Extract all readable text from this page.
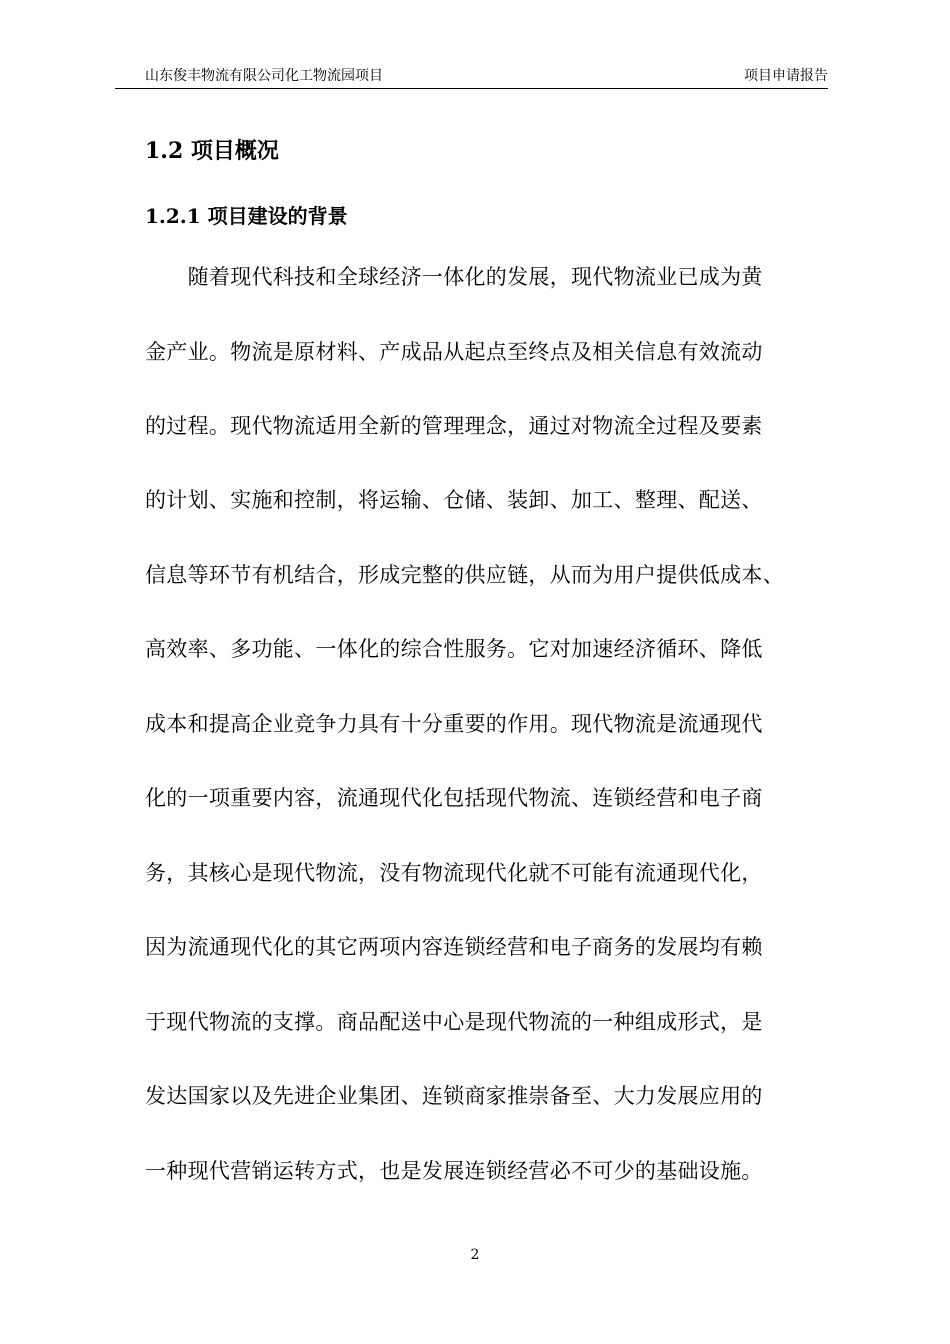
山东俊丰物流有限公司化工物流园项目	项目申请报告
1.2 项目概况
1.2.1 项目建设的背景
　　随着现代科技和全球经济一体化的发展，现代物流业已成为黄
金产业。物流是原材料、产成品从起点至终点及相关信息有效流动
的过程。现代物流适用全新的管理理念，通过对物流全过程及要素
的计划、实施和控制，将运输、仓储、装卸、加工、整理、配送、
信息等环节有机结合，形成完整的供应链，从而为用户提供低成本、
高效率、多功能、一体化的综合性服务。它对加速经济循环、降低
成本和提高企业竞争力具有十分重要的作用。现代物流是流通现代
化的一项重要内容，流通现代化包括现代物流、连锁经营和电子商
务，其核心是现代物流，没有物流现代化就不可能有流通现代化，
因为流通现代化的其它两项内容连锁经营和电子商务的发展均有赖
于现代物流的支撑。商品配送中心是现代物流的一种组成形式，是
发达国家以及先进企业集团、连锁商家推崇备至、大力发展应用的
一种现代营销运转方式，也是发展连锁经营必不可少的基础设施。
2
